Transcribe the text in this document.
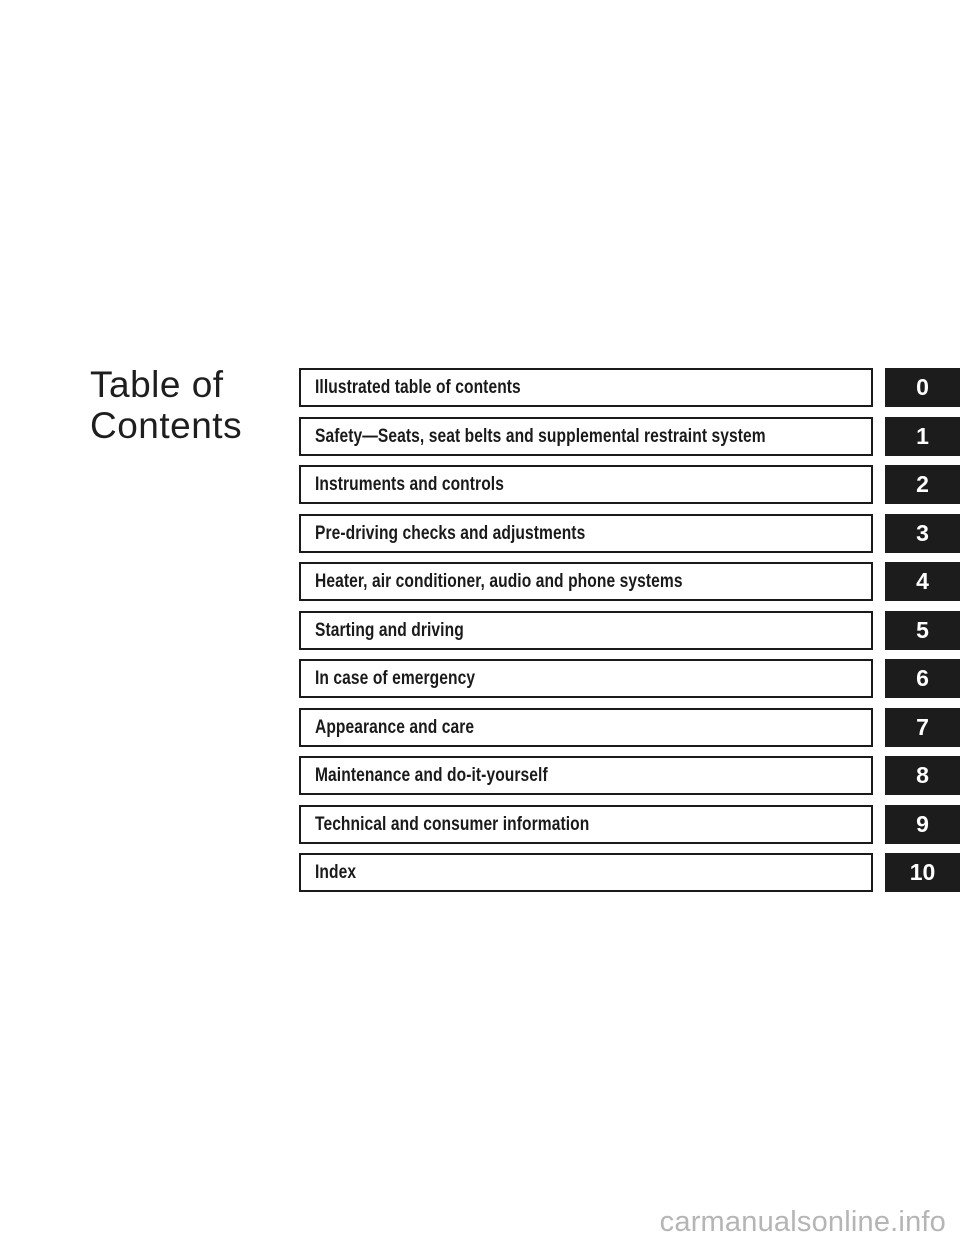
Table of
Contents
Illustrated table of contents	0
Safety—Seats, seat belts and supplemental restraint system	1
Instruments and controls	2
Pre-driving checks and adjustments	3
Heater, air conditioner, audio and phone systems	4
Starting and driving	5
In case of emergency	6
Appearance and care	7
Maintenance and do-it-yourself	8
Technical and consumer information	9
Index	10
carmanualsonline.info
